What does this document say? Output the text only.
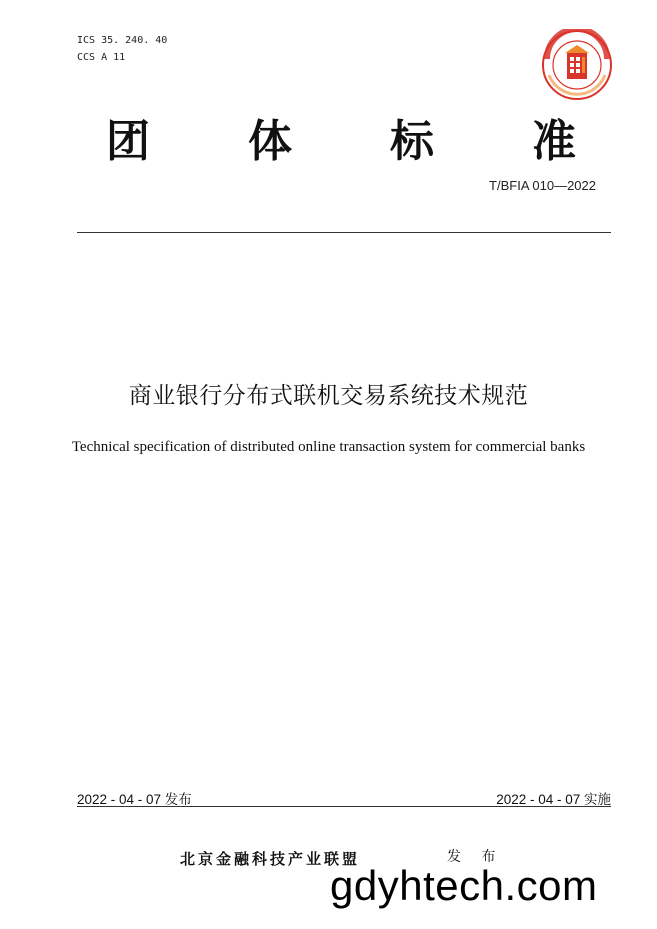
ICS 35. 240. 40
CCS A 11
团 体 标 准
T/BFIA 010—2022
商业银行分布式联机交易系统技术规范
Technical specification of distributed online transaction system for commercial banks
2022 - 04 - 07 发布	2022 - 04 - 07 实施
北京金融科技产业联盟	发 布
gdyhtech.com
